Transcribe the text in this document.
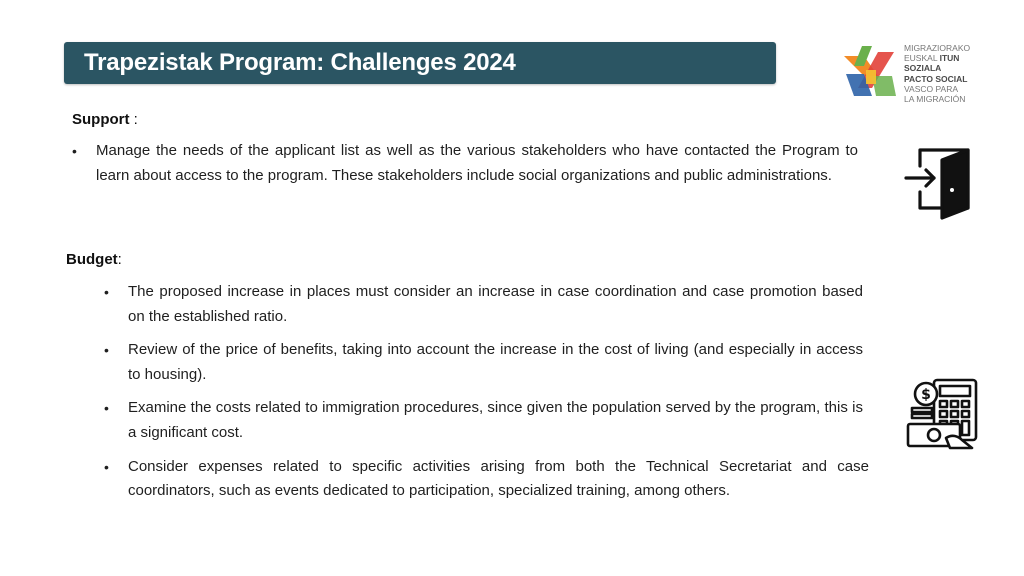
Trapezistak Program: Challenges 2024
MIGRAZIORAKO
EUSKAL ITUN
SOZIALA
PACTO SOCIAL
VASCO PARA
LA MIGRACIÓN
Support :
• Manage the needs of the applicant list as well as the various stakeholders who have contacted the Program to learn about access to the program. These stakeholders include social organizations and public administrations.
Budget:
• The proposed increase in places must consider an increase in case coordination and case promotion based on the established ratio.
• Review of the price of benefits, taking into account the increase in the cost of living (and especially in access to housing).
• Examine the costs related to immigration procedures, since given the population served by the program, this is a significant cost.
• Consider expenses related to specific activities arising from both the Technical Secretariat and case coordinators, such as events dedicated to participation, specialized training, among others.
$
